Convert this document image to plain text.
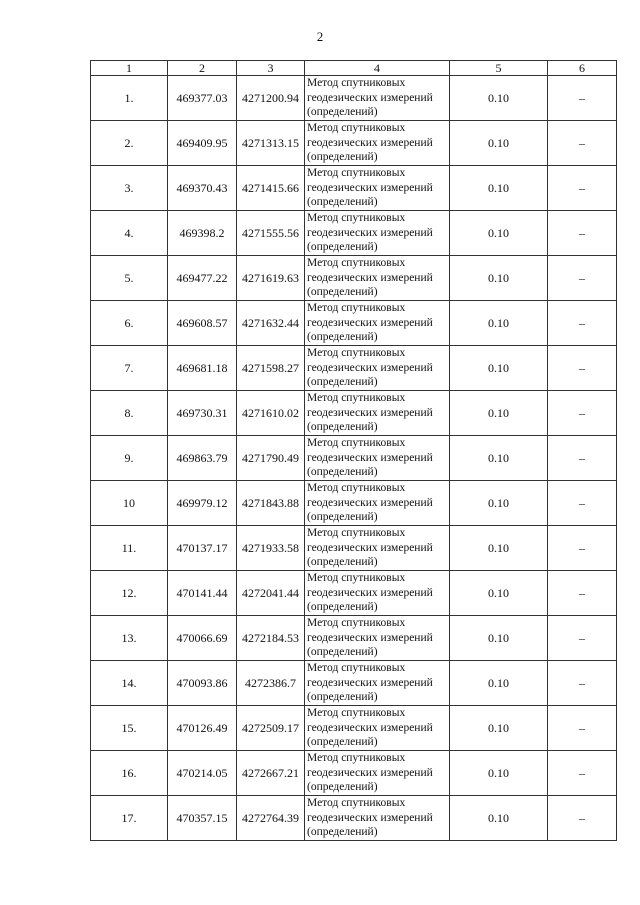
2
1	2	3	4	5	6
1.	469377.03	4271200.94	Метод спутниковых
геодезических измерений
(определений)	0.10	–
2.	469409.95	4271313.15	Метод спутниковых
геодезических измерений
(определений)	0.10	–
3.	469370.43	4271415.66	Метод спутниковых
геодезических измерений
(определений)	0.10	–
4.	469398.2	4271555.56	Метод спутниковых
геодезических измерений
(определений)	0.10	–
5.	469477.22	4271619.63	Метод спутниковых
геодезических измерений
(определений)	0.10	–
6.	469608.57	4271632.44	Метод спутниковых
геодезических измерений
(определений)	0.10	–
7.	469681.18	4271598.27	Метод спутниковых
геодезических измерений
(определений)	0.10	–
8.	469730.31	4271610.02	Метод спутниковых
геодезических измерений
(определений)	0.10	–
9.	469863.79	4271790.49	Метод спутниковых
геодезических измерений
(определений)	0.10	–
10	469979.12	4271843.88	Метод спутниковых
геодезических измерений
(определений)	0.10	–
11.	470137.17	4271933.58	Метод спутниковых
геодезических измерений
(определений)	0.10	–
12.	470141.44	4272041.44	Метод спутниковых
геодезических измерений
(определений)	0.10	–
13.	470066.69	4272184.53	Метод спутниковых
геодезических измерений
(определений)	0.10	–
14.	470093.86	4272386.7	Метод спутниковых
геодезических измерений
(определений)	0.10	–
15.	470126.49	4272509.17	Метод спутниковых
геодезических измерений
(определений)	0.10	–
16.	470214.05	4272667.21	Метод спутниковых
геодезических измерений
(определений)	0.10	–
17.	470357.15	4272764.39	Метод спутниковых
геодезических измерений
(определений)	0.10	–
